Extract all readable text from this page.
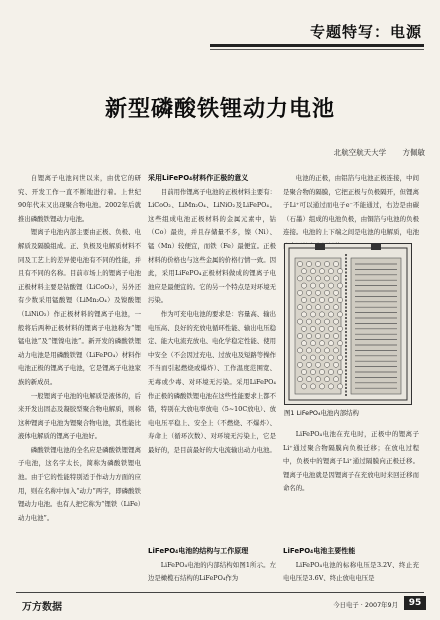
专题特写：电源
新型磷酸铁锂动力电池
北航空航天大学 方佩敏

自锂离子电池问世以来，由优它的研究、开发工作一直不断地进行着。上世纪90年代末又出现聚合物电池。2002年后就推出磷酸铁锂动力电池。

锂离子电池内部主要由正极、负极、电解质及隔膜组成。正、负极及电解质材料不同及工艺上的差异使电池有不同的性能，并且有不同的名称。目前市场上的锂离子电池正极材料主要是钴酸锂（LiCoO₂），另外还有少数采用锰酸锂（LiMn₂O₄）及镍酸锂（LiNiO₂）作正极材料的锂离子电池，一般将后两种正极材料的锂离子电池称为“锂锰电池”及“锂镍电池”。新开发的磷酸铁锂动力电池是用磷酸铁锂（LiFePO₄）材料作电池正极的锂离子电池，它是锂离子电池家族的新成员。

一般锂离子电池的电解质是液体的，后来开发出固态及凝胶型聚合物电解质，则称这种锂离子电池为锂聚合物电池，其性能比液体电解质的锂离子电池好。

磷酸铁锂电池的全名应是磷酸铁锂锂离子电池，这名字太长，简称为磷酸铁锂电池。由于它的性能特别适于作动力方面的应用，则在名称中加入“动力”两字，即磷酸铁锂动力电池。也有人把它称为“锂铁（LiFe）动力电池”。

采用LiFePO₄材料作正极的意义

目前用作锂离子电池的正极材料主要有：LiCoO₂、LiMn₂O₄、LiNiO₂及LiFePO₄。这些组成电池正极材料的金属元素中，钴（Co）最贵，并且存储量不多，镍（Ni）、锰（Mn）较便宜，而铁（Fe）最便宜。正极材料的价格也与这些金属的价格行情一致。因此，采用LiFePO₄正极材料做成的锂离子电池应是最便宜的。它的另一个特点是对环境无污染。

作为可充电电池的要求是：容量高、输出电压高、良好的充放电循环性能、输出电压稳定、能大电流充放电、电化学稳定性能、使用中安全（不会因过充电、过放电及短路等操作不当而引起燃烧或爆炸）、工作温度范围宽、无毒或少毒、对环境无污染。采用LiFePO₄作正极的磷酸铁锂电池在这些性能要求上都不错，特别在大放电率放电（5~10C放电）、放电电压平稳上、安全上（不燃烧、不爆炸）、寿命上（循环次数）、对环境无污染上，它是最好的，是目前最好的大电流输出动力电池。

LiFePO₄电池的结构与工作原理

LiFePO₄电池的内部结构如图1所示。左边是橄榄石结构的LiFePO₄作为

电池的正极，由铝箔与电池正极连接，中间是聚合物的隔膜，它把正极与负极隔开，但锂离子Li⁺可以通过而电子e⁻不能通过，右边是由碳（石墨）组成的电池负极，由铜箔与电池的负极连接。电池的上下端之间是电池的电解质，电池

图1 LiFePO₄电池内部结构

LiFePO₄电池在充电时，正极中的锂离子Li⁺通过聚合物隔膜向负极迁移；在放电过程中，负极中的锂离子Li⁺通过隔膜向正极迁移。锂离子电池就是因锂离子在充放电时来回迁移而命名的。

LiFePO₄电池主要性能

LiFePO₄电池的标称电压是3.2V、终止充电电压是3.6V、终止放电电压是

万方数据	今日电子 · 2007年9月	95
